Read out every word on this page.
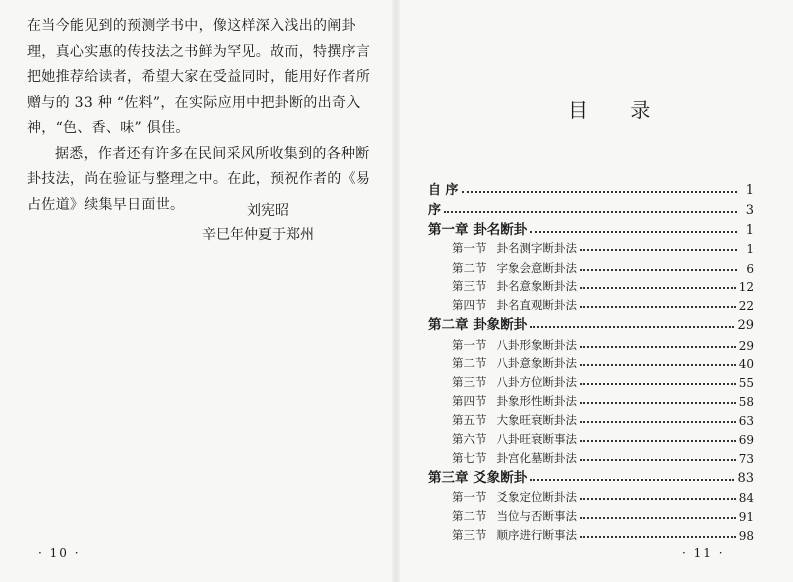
在当今能见到的预测学书中，像这样深入浅出的阐卦理，真心实惠的传技法之书鲜为罕见。故而，特撰序言把她推荐给读者，希望大家在受益同时，能用好作者所赠与的 33 种 “佐料”，在实际应用中把卦断的出奇入神，“色、香、味” 俱佳。

据悉，作者还有许多在民间采风所收集到的各种断卦技法，尚在验证与整理之中。在此，预祝作者的《易占佐道》续集早日面世。	刘宪昭
辛巳年仲夏于郑州
· 10 ·
目 录
自 序	1
序	3
第一章 卦名断卦	1
第一节 卦名测字断卦法	1
第二节 字象会意断卦法	6
第三节 卦名意象断卦法	12
第四节 卦名直观断卦法	22
第二章 卦象断卦	29
第一节 八卦形象断卦法	29
第二节 八卦意象断卦法	40
第三节 八卦方位断卦法	55
第四节 卦象形性断卦法	58
第五节 大象旺衰断卦法	63
第六节 八卦旺衰断事法	69
第七节 卦宫化墓断卦法	73
第三章 爻象断卦	83
第一节 爻象定位断卦法	84
第二节 当位与否断事法	91
第三节 顺序进行断事法	98
· 11 ·
